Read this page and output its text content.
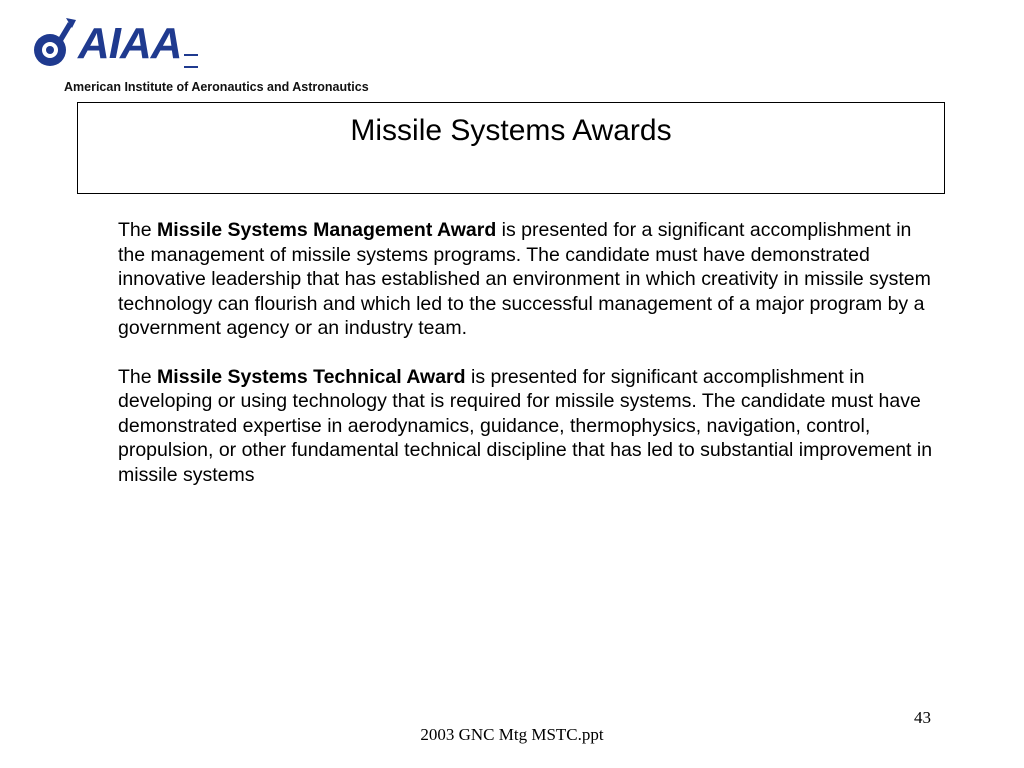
AIAA
American Institute of Aeronautics and Astronautics
Missile Systems Awards

The Missile Systems Management Award is presented for a significant accomplishment in the management of missile systems programs. The candidate must have demonstrated innovative leadership that has established an environment in which creativity in missile system technology can flourish and which led to the successful management of a major program by a government agency or an industry team.

The Missile Systems Technical Award is presented for significant accomplishment in developing or using technology that is required for missile systems. The candidate must have demonstrated expertise in aerodynamics, guidance, thermophysics, navigation, control, propulsion, or other fundamental technical discipline that has led to substantial improvement in missile systems

43
2003 GNC Mtg MSTC.ppt
